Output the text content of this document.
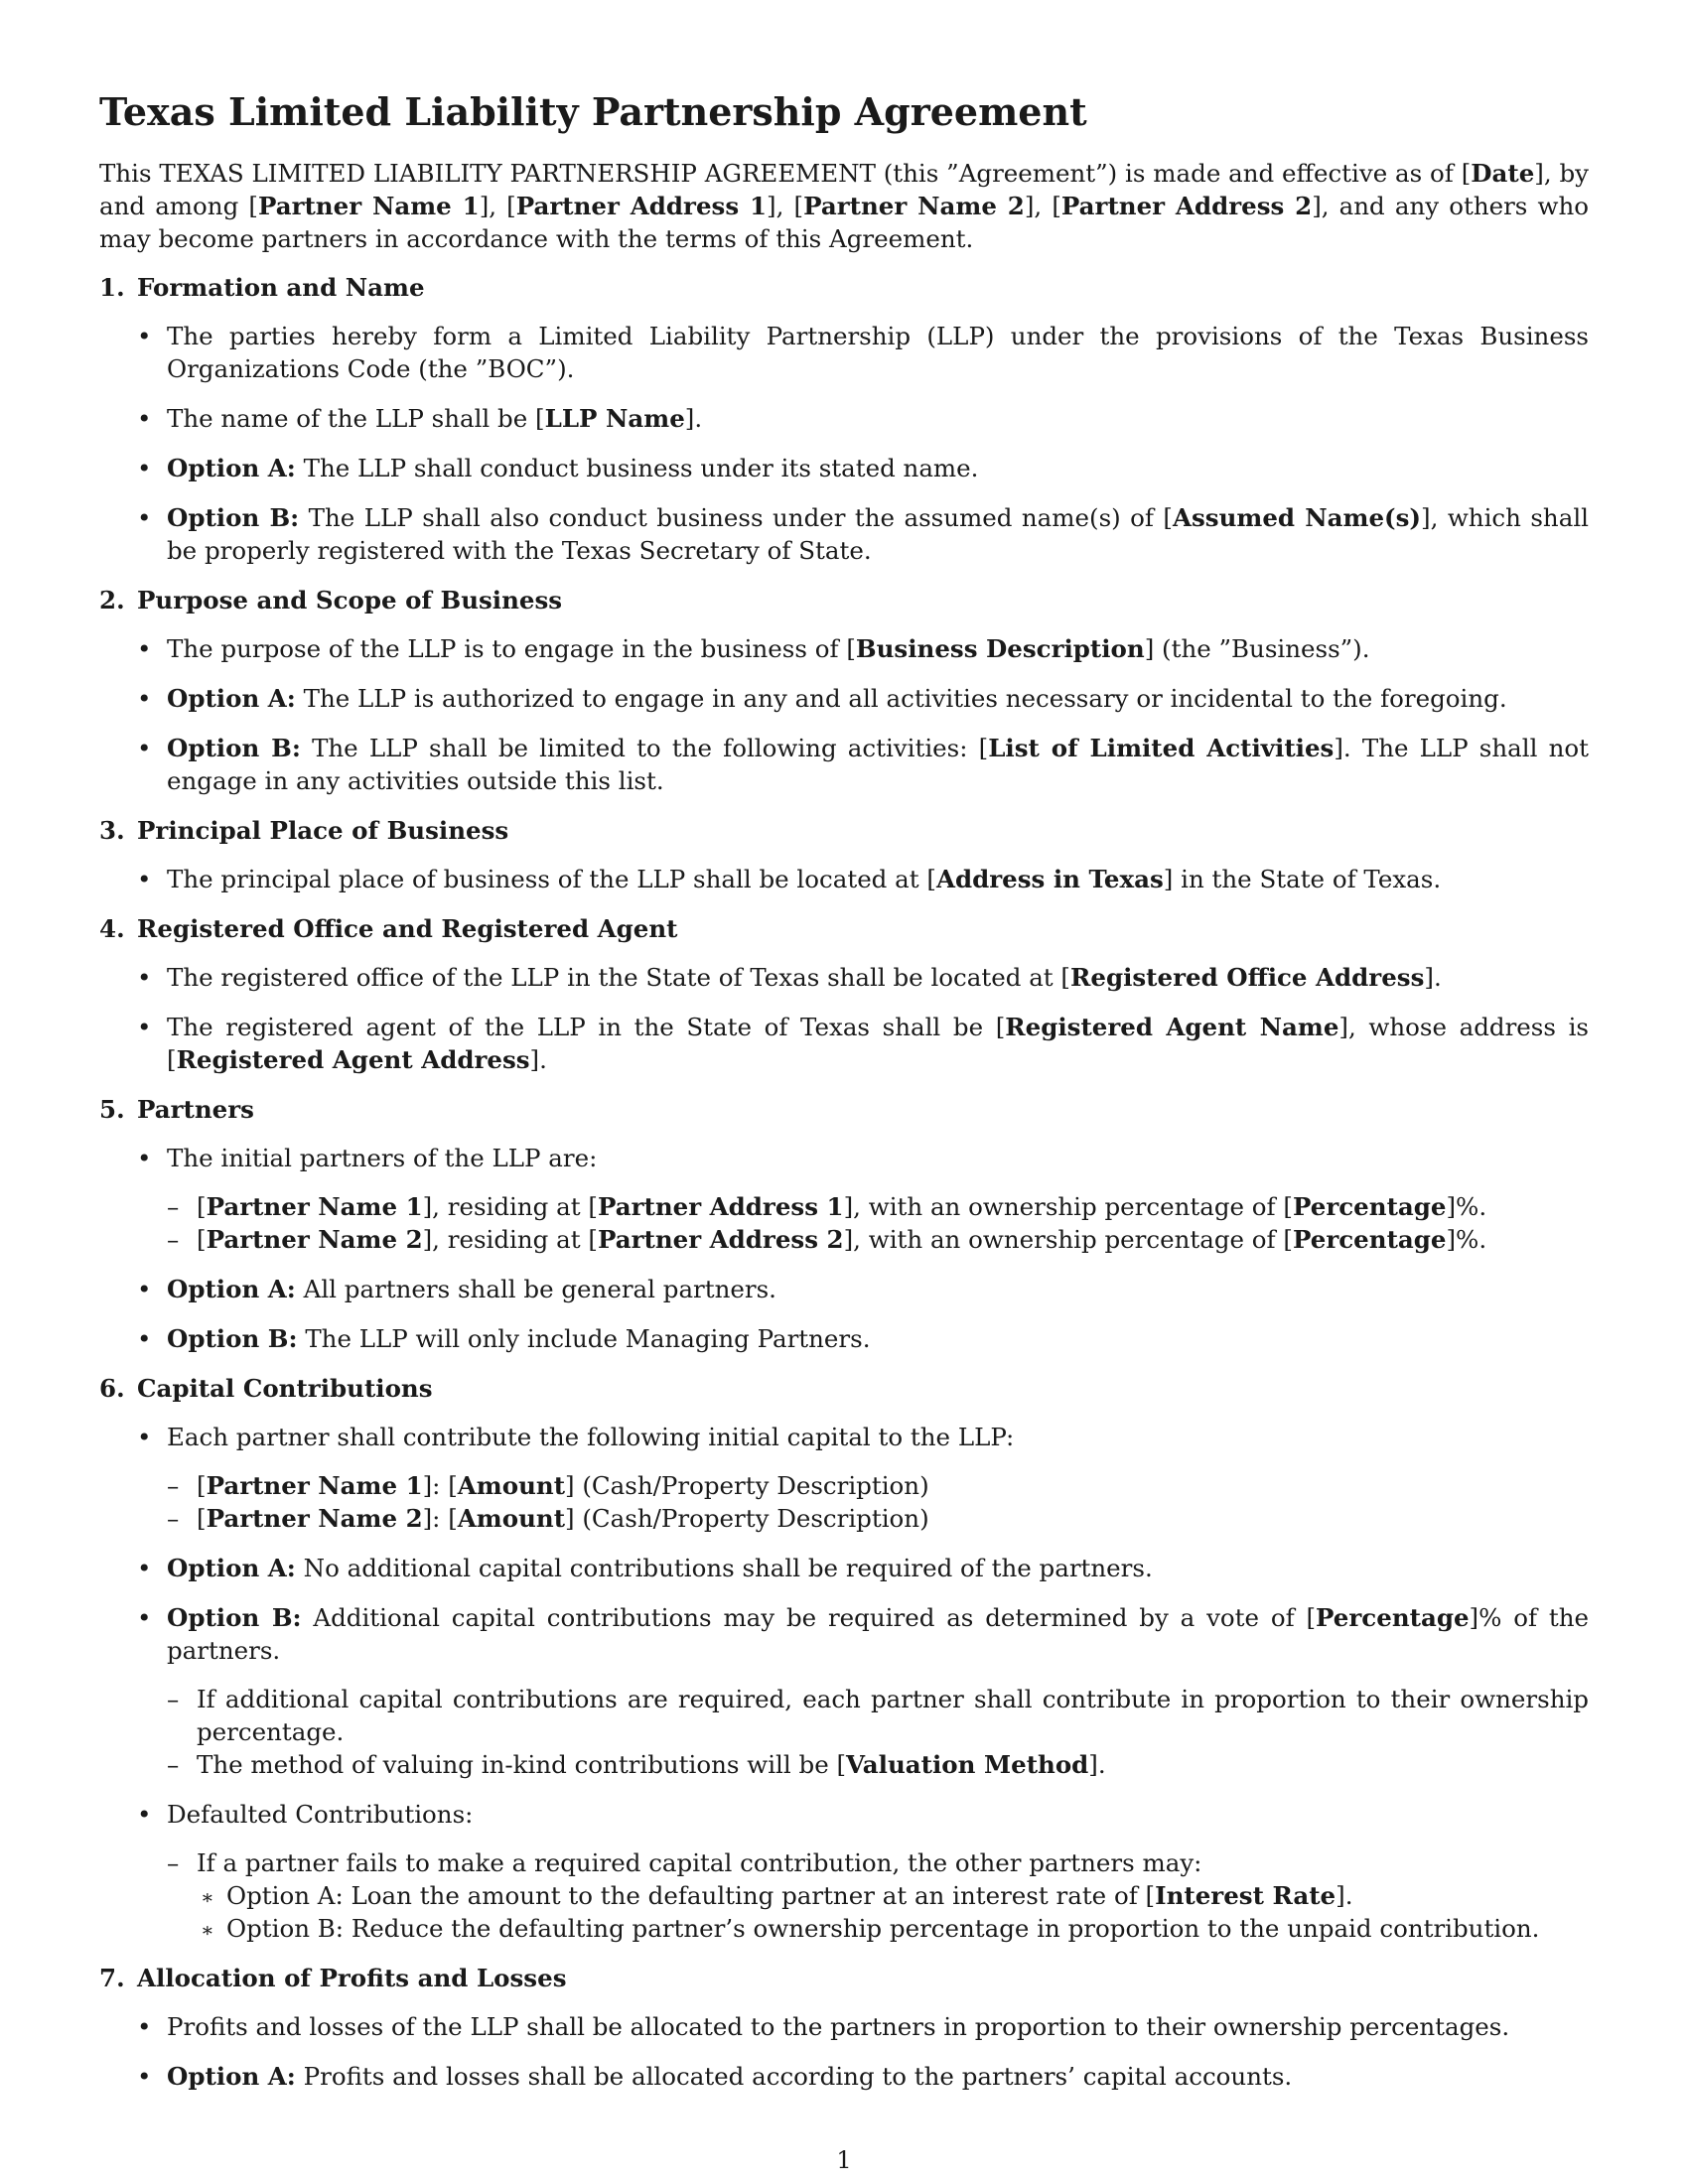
Texas Limited Liability Partnership Agreement

This TEXAS LIMITED LIABILITY PARTNERSHIP AGREEMENT (this ”Agreement”) is made and effective as of [Date], by and among [Partner Name 1], [Partner Address 1], [Partner Name 2], [Partner Address 2], and any others who may become partners in accordance with the terms of this Agreement.

Formation and Name
• The parties hereby form a Limited Liability Partnership (LLP) under the provisions of the Texas Business Organizations Code (the ”BOC”).
• The name of the LLP shall be [LLP Name].
• Option A: The LLP shall conduct business under its stated name.
• Option B: The LLP shall also conduct business under the assumed name(s) of [Assumed Name(s)], which shall be properly registered with the Texas Secretary of State.
Purpose and Scope of Business
• The purpose of the LLP is to engage in the business of [Business Description] (the ”Business”).
• Option A: The LLP is authorized to engage in any and all activities necessary or incidental to the foregoing.
• Option B: The LLP shall be limited to the following activities: [List of Limited Activities]. The LLP shall not engage in any activities outside this list.
Principal Place of Business
• The principal place of business of the LLP shall be located at [Address in Texas] in the State of Texas.
Registered Office and Registered Agent
• The registered office of the LLP in the State of Texas shall be located at [Registered Office Address].
• The registered agent of the LLP in the State of Texas shall be [Registered Agent Name], whose address is [Registered Agent Address].
Partners
• The initial partners of the LLP are:
– [Partner Name 1], residing at [Partner Address 1], with an ownership percentage of [Percentage]%.
– [Partner Name 2], residing at [Partner Address 2], with an ownership percentage of [Percentage]%.
• Option A: All partners shall be general partners.
• Option B: The LLP will only include Managing Partners.
Capital Contributions
• Each partner shall contribute the following initial capital to the LLP:
– [Partner Name 1]: [Amount] (Cash/Property Description)
– [Partner Name 2]: [Amount] (Cash/Property Description)
• Option A: No additional capital contributions shall be required of the partners.
• Option B: Additional capital contributions may be required as determined by a vote of [Percentage]% of the partners.
– If additional capital contributions are required, each partner shall contribute in proportion to their ownership percentage.
– The method of valuing in-kind contributions will be [Valuation Method].
• Defaulted Contributions:
– If a partner fails to make a required capital contribution, the other partners may:
∗ Option A: Loan the amount to the defaulting partner at an interest rate of [Interest Rate].
∗ Option B: Reduce the defaulting partner’s ownership percentage in proportion to the unpaid contribution.
Allocation of Profits and Losses
• Profits and losses of the LLP shall be allocated to the partners in proportion to their ownership percentages.
• Option A: Profits and losses shall be allocated according to the partners’ capital accounts.
1
